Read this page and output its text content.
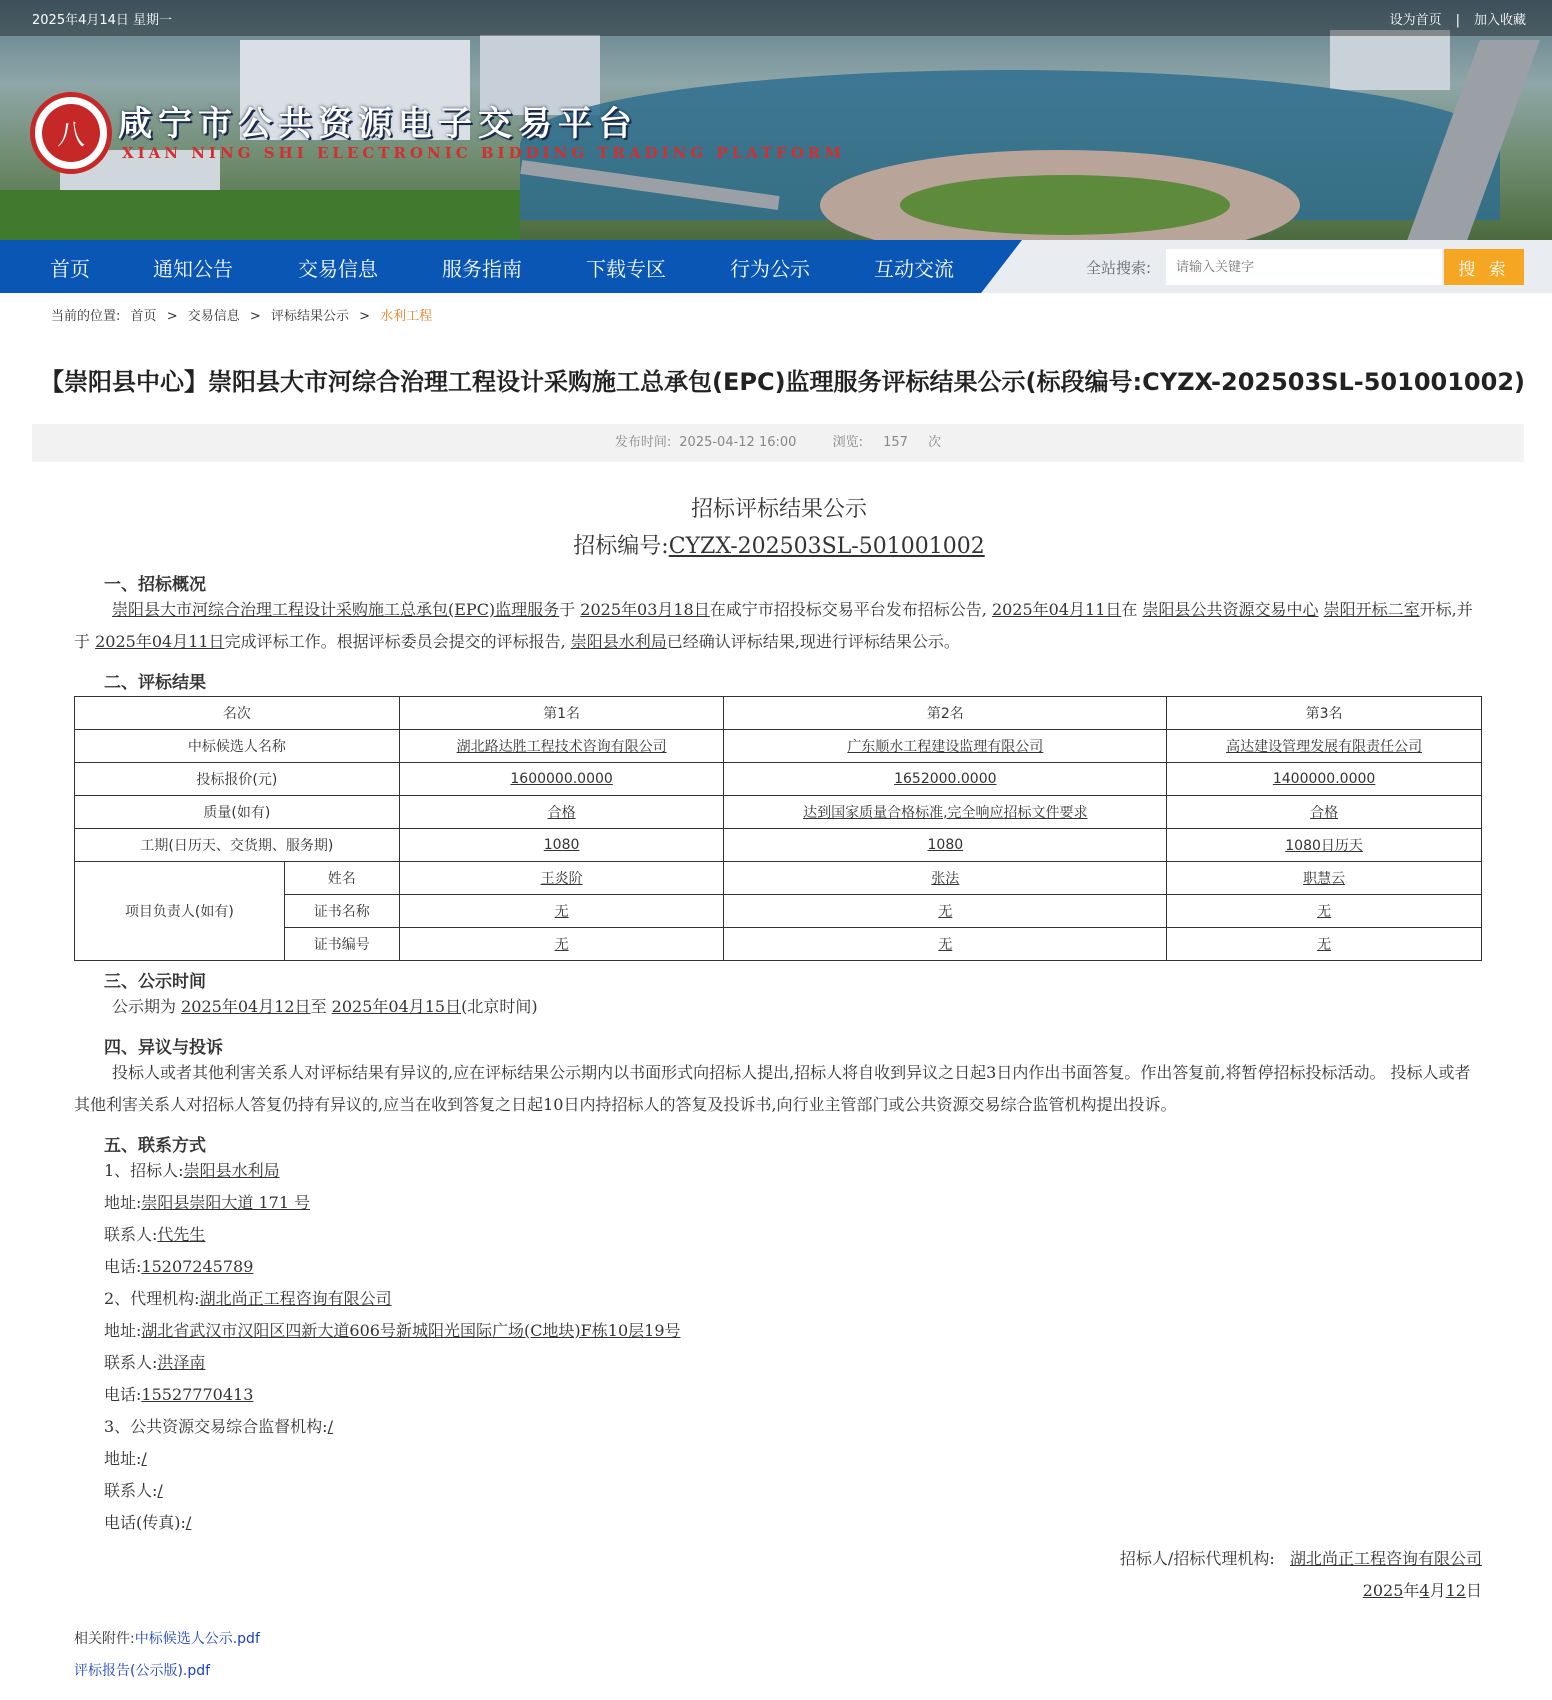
2025年4月14日 星期一	设为首页 | 加入收藏
八 咸宁市公共资源电子交易平台
XIAN NING SHI ELECTRONIC BIDDING TRADING PLATFORM
首页	通知公告	交易信息	服务指南	下载专区	行为公示	互动交流	全站搜索:
请输入关键字	搜 索
当前的位置: 首页 > 交易信息 > 评标结果公示 > 水利工程
【崇阳县中心】崇阳县大市河综合治理工程设计采购施工总承包(EPC)监理服务评标结果公示(标段编号:CYZX-202503SL-501001002)
发布时间: 2025-04-12 16:00	浏览: 157 次
招标评标结果公示
招标编号:CYZX-202503SL-501001002
一、招标概况
崇阳县大市河综合治理工程设计采购施工总承包(EPC)监理服务于 2025年03月18日在咸宁市招投标交易平台发布招标公告, 2025年04月11日在 崇阳县公共资源交易中心 崇阳开标二室开标,并于 2025年04月11日完成评标工作。根据评标委员会提交的评标报告, 崇阳县水利局已经确认评标结果,现进行评标结果公示。
二、评标结果
名次		第1名	第2名	第3名
中标候选人名称		湖北路达胜工程技术咨询有限公司	广东顺水工程建设监理有限公司	高达建设管理发展有限责任公司
投标报价(元)		1600000.0000	1652000.0000	1400000.0000
质量(如有)		合格	达到国家质量合格标准,完全响应招标文件要求	合格
工期(日历天、交货期、服务期)		1080	1080	1080日历天
项目负责人(如有)	姓名	王炎阶	张法	职慧云
	证书名称	无	无	无
	证书编号	无	无	无
三、公示时间
公示期为 2025年04月12日至 2025年04月15日(北京时间)
四、异议与投诉
投标人或者其他利害关系人对评标结果有异议的,应在评标结果公示期内以书面形式向招标人提出,招标人将自收到异议之日起3日内作出书面答复。作出答复前,将暂停招标投标活动。 投标人或者其他利害关系人对招标人答复仍持有异议的,应当在收到答复之日起10日内持招标人的答复及投诉书,向行业主管部门或公共资源交易综合监管机构提出投诉。
五、联系方式
1、招标人:崇阳县水利局
地址:崇阳县崇阳大道 171 号
联系人:代先生
电话:15207245789
2、代理机构:湖北尚正工程咨询有限公司
地址:湖北省武汉市汉阳区四新大道606号新城阳光国际广场(C地块)F栋10层19号
联系人:洪泽南
电话:15527770413
3、公共资源交易综合监督机构:/
地址:/
联系人:/
电话(传真):/
招标人/招标代理机构: 湖北尚正工程咨询有限公司
2025年4月12日
相关附件:中标候选人公示.pdf
评标报告(公示版).pdf
